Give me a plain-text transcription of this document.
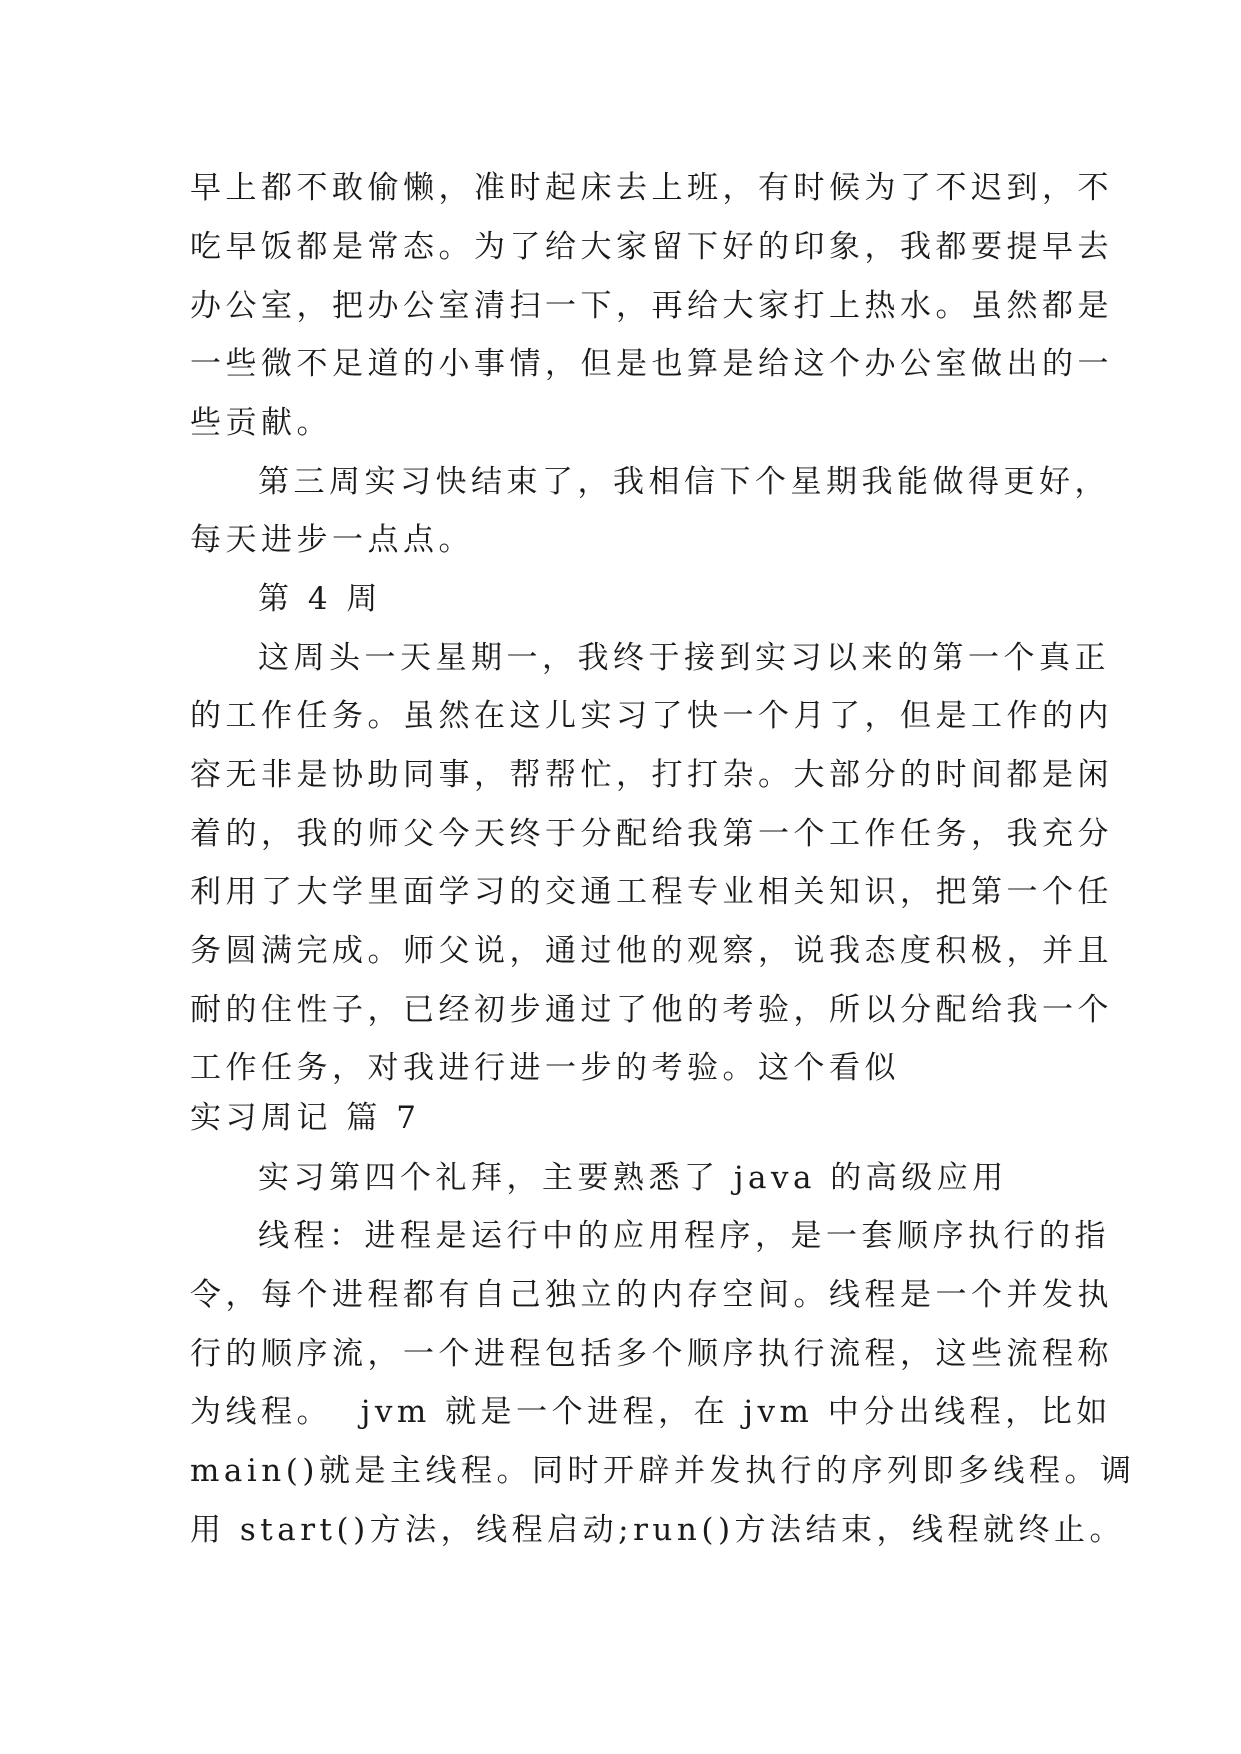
早上都不敢偷懒，准时起床去上班，有时候为了不迟到，不
吃早饭都是常态。为了给大家留下好的印象，我都要提早去
办公室，把办公室清扫一下，再给大家打上热水。虽然都是
一些微不足道的小事情，但是也算是给这个办公室做出的一
些贡献。
第三周实习快结束了，我相信下个星期我能做得更好，
每天进步一点点。
第 4 周
这周头一天星期一，我终于接到实习以来的第一个真正
的工作任务。虽然在这儿实习了快一个月了，但是工作的内
容无非是协助同事，帮帮忙，打打杂。大部分的时间都是闲
着的，我的师父今天终于分配给我第一个工作任务，我充分
利用了大学里面学习的交通工程专业相关知识，把第一个任
务圆满完成。师父说，通过他的观察，说我态度积极，并且
耐的住性子，已经初步通过了他的考验，所以分配给我一个
工作任务，对我进行进一步的考验。这个看似
实习周记 篇 7
实习第四个礼拜，主要熟悉了 java 的高级应用
线程：进程是运行中的应用程序，是一套顺序执行的指
令，每个进程都有自己独立的内存空间。线程是一个并发执
行的顺序流，一个进程包括多个顺序执行流程，这些流程称
为线程。  jvm 就是一个进程，在 jvm 中分出线程，比如
main()就是主线程。同时开辟并发执行的序列即多线程。调
用 start()方法，线程启动;run()方法结束，线程就终止。
